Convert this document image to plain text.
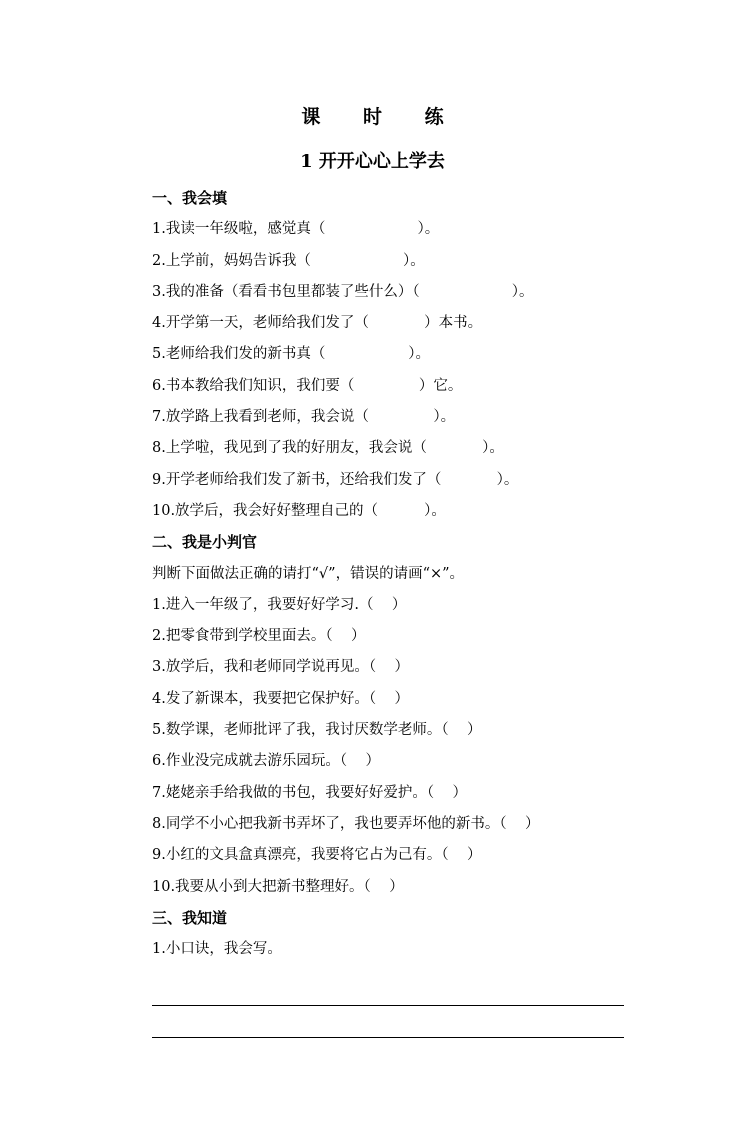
课 时 练
1 开开心心上学去
一、我会填
1.我读一年级啦，感觉真（                    ）。
2.上学前，妈妈告诉我（                    ）。
3.我的准备（看看书包里都装了些什么）（                    ）。
4.开学第一天，老师给我们发了（            ）本书。
5.老师给我们发的新书真（                  ）。
6.书本教给我们知识，我们要（              ）它。
7.放学路上我看到老师，我会说（              ）。
8.上学啦，我见到了我的好朋友，我会说（            ）。
9.开学老师给我们发了新书，还给我们发了（            ）。
10.放学后，我会好好整理自己的（          ）。
二、我是小判官
判断下面做法正确的请打“√”，错误的请画“×”。
1.进入一年级了，我要好好学习.（    ）
2.把零食带到学校里面去。（    ）
3.放学后，我和老师同学说再见。（    ）
4.发了新课本，我要把它保护好。（    ）
5.数学课，老师批评了我，我讨厌数学老师。（    ）
6.作业没完成就去游乐园玩。（    ）
7.姥姥亲手给我做的书包，我要好好爱护。（    ）
8.同学不小心把我新书弄坏了，我也要弄坏他的新书。（    ）
9.小红的文具盒真漂亮，我要将它占为己有。（    ）
10.我要从小到大把新书整理好。（    ）
三、我知道
1.小口诀，我会写。
